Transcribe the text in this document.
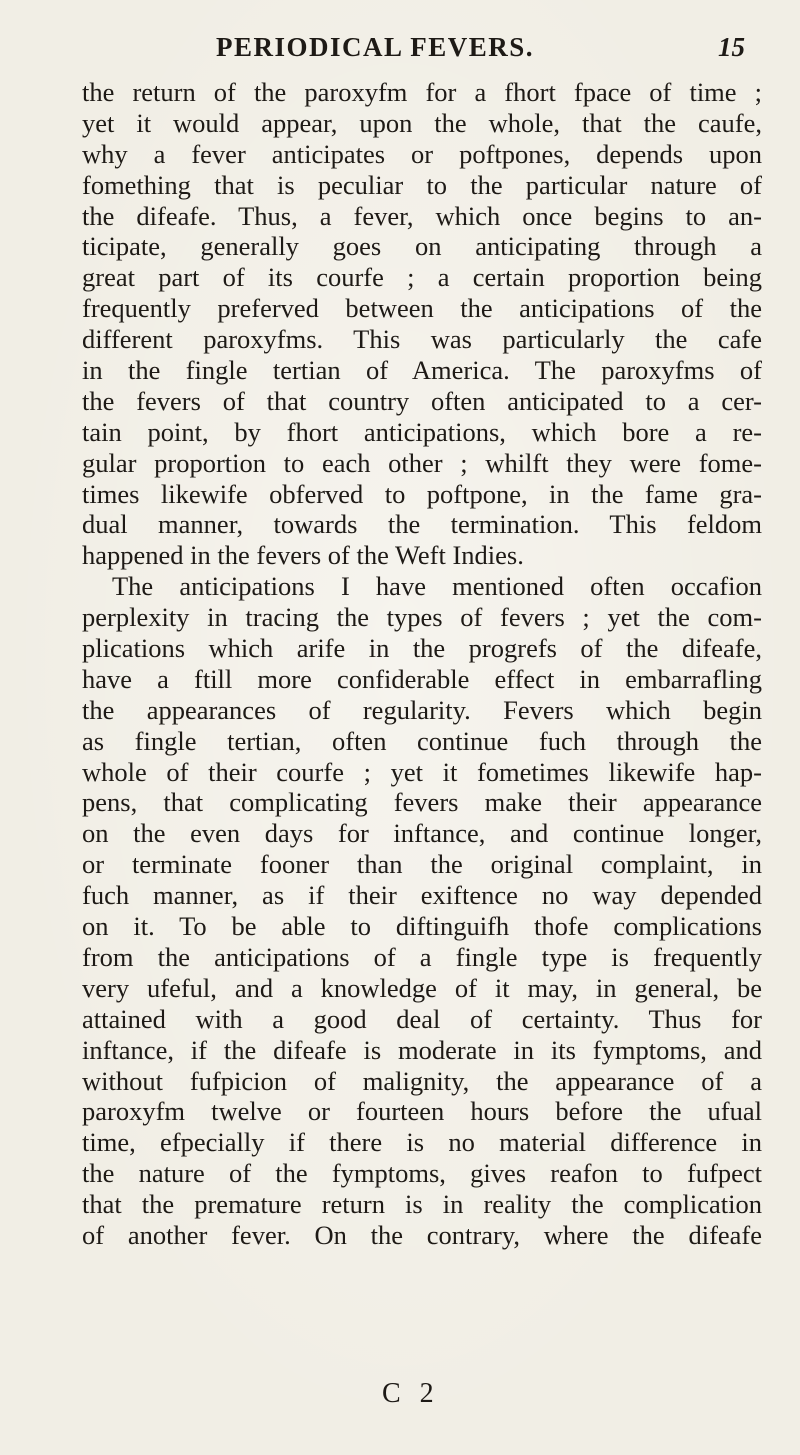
PERIODICAL FEVERS.	15
the return of the paroxyfm for a fhort fpace of time ;
yet it would appear, upon the whole, that the caufe,
why a fever anticipates or poftpones, depends upon
fomething that is peculiar to the particular nature of
the difeafe. Thus, a fever, which once begins to an-
ticipate, generally goes on anticipating through a
great part of its courfe ; a certain proportion being
frequently preferved between the anticipations of the
different paroxyfms. This was particularly the cafe
in the fingle tertian of America. The paroxyfms of
the fevers of that country often anticipated to a cer-
tain point, by fhort anticipations, which bore a re-
gular proportion to each other ; whilft they were fome-
times likewife obferved to poftpone, in the fame gra-
dual manner, towards the termination. This feldom
happened in the fevers of the Weft Indies.
The anticipations I have mentioned often occafion
perplexity in tracing the types of fevers ; yet the com-
plications which arife in the progrefs of the difeafe,
have a ftill more confiderable effect in embarrafling
the appearances of regularity. Fevers which begin
as fingle tertian, often continue fuch through the
whole of their courfe ; yet it fometimes likewife hap-
pens, that complicating fevers make their appearance
on the even days for inftance, and continue longer,
or terminate fooner than the original complaint, in
fuch manner, as if their exiftence no way depended
on it. To be able to diftinguifh thofe complications
from the anticipations of a fingle type is frequently
very ufeful, and a knowledge of it may, in general, be
attained with a good deal of certainty. Thus for
inftance, if the difeafe is moderate in its fymptoms, and
without fufpicion of malignity, the appearance of a
paroxyfm twelve or fourteen hours before the ufual
time, efpecially if there is no material difference in
the nature of the fymptoms, gives reafon to fufpect
that the premature return is in reality the complication
of another fever. On the contrary, where the difeafe
C 2
